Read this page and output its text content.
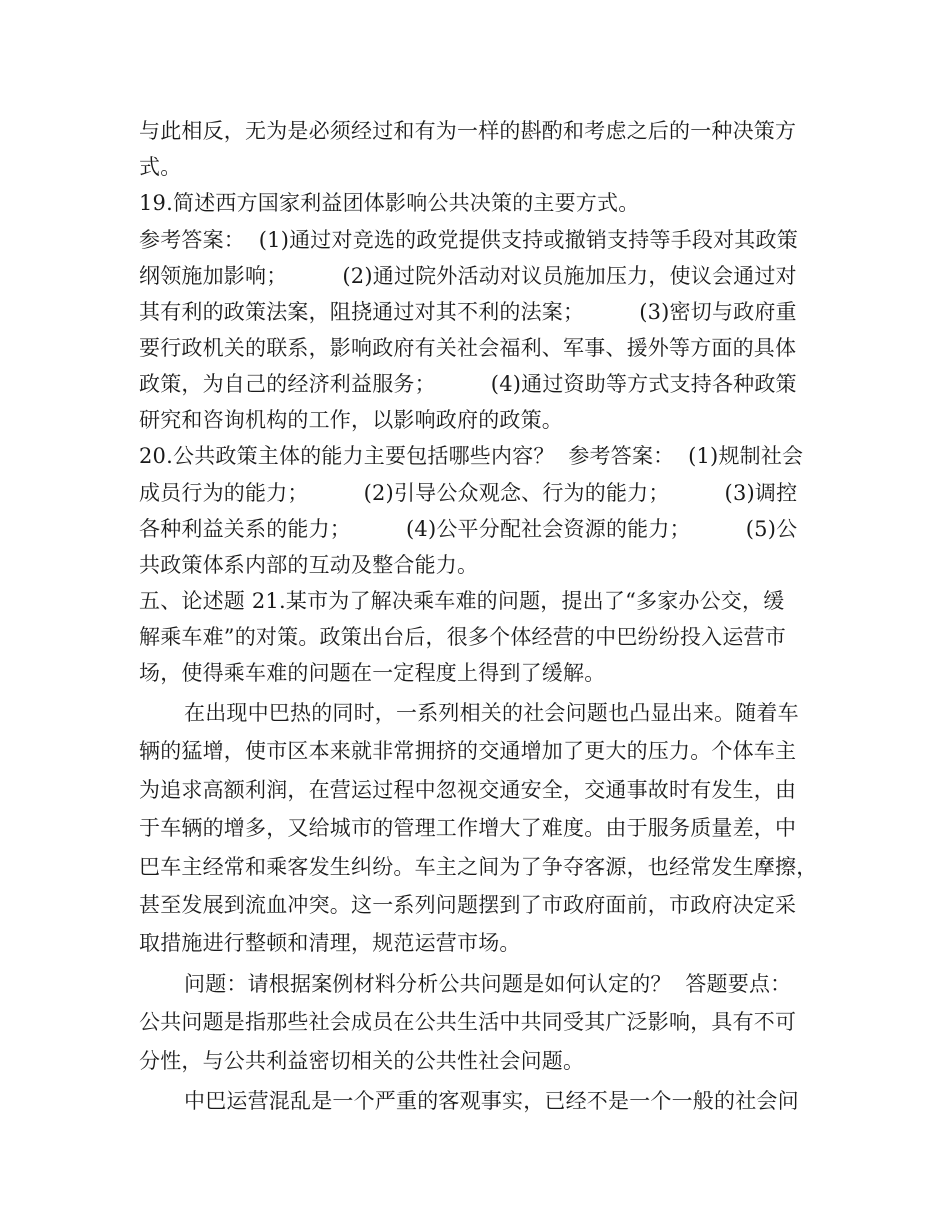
与此相反，无为是必须经过和有为一样的斟酌和考虑之后的一种决策方
式。
19.简述西方国家利益团体影响公共决策的主要方式。
参考答案：  (1)通过对竞选的政党提供支持或撤销支持等手段对其政策
纲领施加影响；        (2)通过院外活动对议员施加压力，使议会通过对
其有利的政策法案，阻挠通过对其不利的法案；        (3)密切与政府重
要行政机关的联系，影响政府有关社会福利、军事、援外等方面的具体
政策，为自己的经济利益服务；        (4)通过资助等方式支持各种政策
研究和咨询机构的工作，以影响政府的政策。
20.公共政策主体的能力主要包括哪些内容？  参考答案：  (1)规制社会
成员行为的能力；        (2)引导公众观念、行为的能力；        (3)调控
各种利益关系的能力；        (4)公平分配社会资源的能力；        (5)公
共政策体系内部的互动及整合能力。
五、论述题 21.某市为了解决乘车难的问题，提出了“多家办公交，缓
解乘车难”的对策。政策出台后，很多个体经营的中巴纷纷投入运营市
场，使得乘车难的问题在一定程度上得到了缓解。
在出现中巴热的同时，一系列相关的社会问题也凸显出来。随着车
辆的猛增，使市区本来就非常拥挤的交通增加了更大的压力。个体车主
为追求高额利润，在营运过程中忽视交通安全，交通事故时有发生，由
于车辆的增多，又给城市的管理工作增大了难度。由于服务质量差，中
巴车主经常和乘客发生纠纷。车主之间为了争夺客源，也经常发生摩擦，
甚至发展到流血冲突。这一系列问题摆到了市政府面前，市政府决定采
取措施进行整顿和清理，规范运营市场。
问题：请根据案例材料分析公共问题是如何认定的？  答题要点：
公共问题是指那些社会成员在公共生活中共同受其广泛影响，具有不可
分性，与公共利益密切相关的公共性社会问题。
中巴运营混乱是一个严重的客观事实，已经不是一个一般的社会问
